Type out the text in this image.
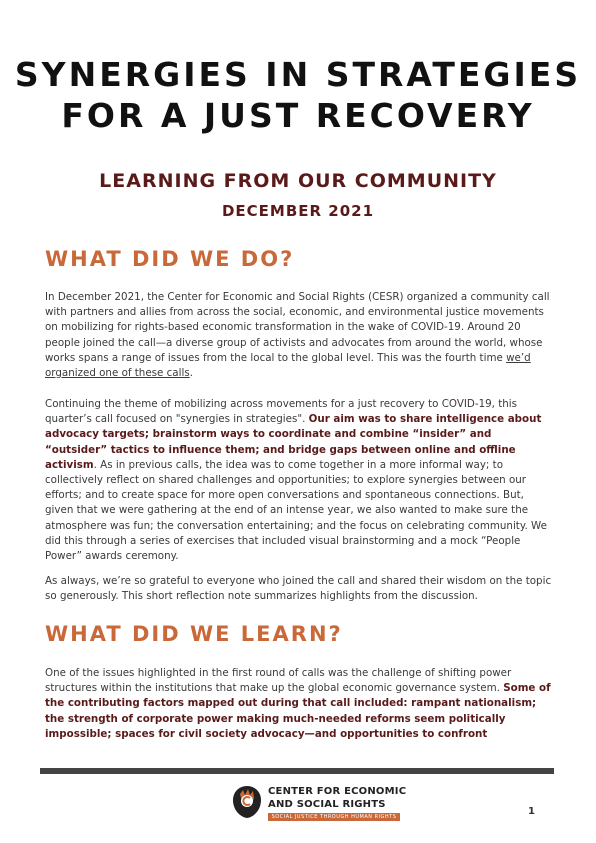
SYNERGIES IN STRATEGIES
FOR A JUST RECOVERY
LEARNING FROM OUR COMMUNITY
DECEMBER 2021
WHAT DID WE DO?

In December 2021, the Center for Economic and Social Rights (CESR) organized a community call with partners and allies from across the social, economic, and environmental justice movements on mobilizing for rights-based economic transformation in the wake of COVID-19. Around 20 people joined the call—a diverse group of activists and advocates from around the world, whose works spans a range of issues from the local to the global level. This was the fourth time we’d organized one of these calls.

Continuing the theme of mobilizing across movements for a just recovery to COVID-19, this quarter’s call focused on "synergies in strategies". Our aim was to share intelligence about advocacy targets; brainstorm ways to coordinate and combine “insider” and “outsider” tactics to influence them; and bridge gaps between online and offline activism. As in previous calls, the idea was to come together in a more informal way; to collectively reflect on shared challenges and opportunities; to explore synergies between our efforts; and to create space for more open conversations and spontaneous connections. But, given that we were gathering at the end of an intense year, we also wanted to make sure the atmosphere was fun; the conversation entertaining; and the focus on celebrating community. We did this through a series of exercises that included visual brainstorming and a mock “People Power” awards ceremony.

As always, we’re so grateful to everyone who joined the call and shared their wisdom on the topic so generously. This short reflection note summarizes highlights from the discussion.

WHAT DID WE LEARN?

One of the issues highlighted in the first round of calls was the challenge of shifting power structures within the institutions that make up the global economic governance system. Some of the contributing factors mapped out during that call included: rampant nationalism; the strength of corporate power making much-needed reforms seem politically impossible; spaces for civil society advocacy—and opportunities to confront

CENTER FOR ECONOMIC
AND SOCIAL RIGHTS
SOCIAL JUSTICE THROUGH HUMAN RIGHTS	1
